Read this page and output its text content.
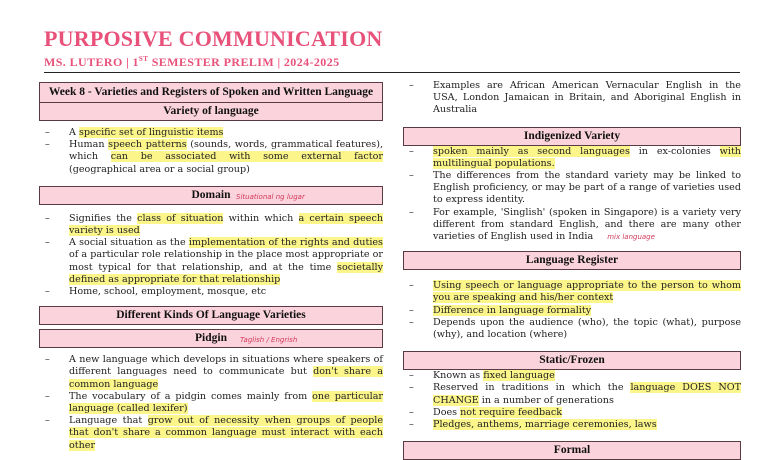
PURPOSIVE COMMUNICATION
MS. LUTERO | 1ST SEMESTER PRELIM | 2024-2025
Week 8 - Varieties and Registers of Spoken and Written Language
Variety of language
– A specific set of linguistic items
– Human speech patterns (sounds, words, grammatical features), which can be associated with some external factor (geographical area or a social group)
Domain Situational ng lugar
– Signifies the class of situation within which a certain speech variety is used
– A social situation as the implementation of the rights and duties of a particular role relationship in the place most appropriate or most typical for that relationship, and at the time societally defined as appropriate for that relationship
– Home, school, employment, mosque, etc
Different Kinds Of Language Varieties
Pidgin Taglish / Engrish
– A new language which develops in situations where speakers of different languages need to communicate but don't share a common language
– The vocabulary of a pidgin comes mainly from one particular language (called lexifer)
– Language that grow out of necessity when groups of people that don't share a common language must interact with each other
– Examples are African American Vernacular English in the USA, London Jamaican in Britain, and Aboriginal English in Australia
Indigenized Variety
– spoken mainly as second languages in ex-colonies with multilingual populations.
– The differences from the standard variety may be linked to English proficiency, or may be part of a range of varieties used to express identity.
– For example, 'Singlish' (spoken in Singapore) is a variety very different from standard English, and there are many other varieties of English used in India mix language
Language Register
– Using speech or language appropriate to the person to whom you are speaking and his/her context
– Difference in language formality
– Depends upon the audience (who), the topic (what), purpose (why), and location (where)
Static/Frozen
– Known as fixed language
– Reserved in traditions in which the language DOES NOT CHANGE in a number of generations
– Does not require feedback
– Pledges, anthems, marriage ceremonies, laws
Formal
